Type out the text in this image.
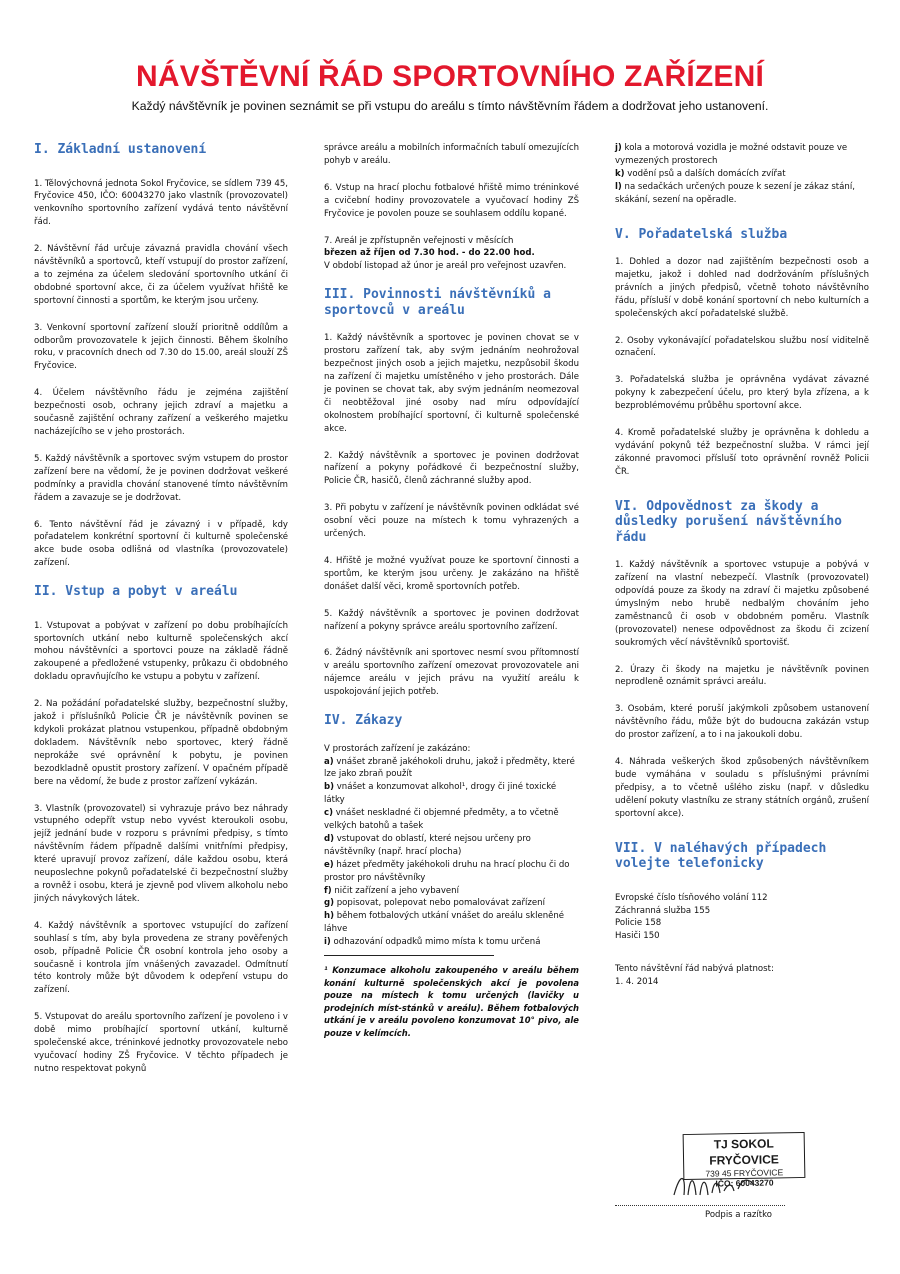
NÁVŠTĚVNÍ ŘÁD SPORTOVNÍHO ZAŘÍZENÍ
Každý návštěvník je povinen seznámit se při vstupu do areálu s tímto návštěvním řádem a dodržovat jeho ustanovení.
I. Základní ustanovení

1. Tělovýchovná jednota Sokol Fryčovice, se sídlem 739 45, Fryčovice 450, IČO: 60043270 jako vlastník (provozovatel) venkovního sportovního zařízení vydává tento návštěvní řád.

2. Návštěvní řád určuje závazná pravidla chování všech návštěvníků a sportovců, kteří vstupují do prostor zařízení, a to zejména za účelem sledování sportovního utkání či obdobné sportovní akce, či za účelem využívat hřiště ke sportovní činnosti a sportům, ke kterým jsou určeny.

3. Venkovní sportovní zařízení slouží prioritně oddílům a odborům provozovatele k jejich činnosti. Během školního roku, v pracovních dnech od 7.30 do 15.00, areál slouží ZŠ Fryčovice.

4. Účelem návštěvního řádu je zejména zajištění bezpečnosti osob, ochrany jejich zdraví a majetku a současně zajištění ochrany zařízení a veškerého majetku nacházejícího se v jeho prostorách.

5. Každý návštěvník a sportovec svým vstupem do prostor zařízení bere na vědomí, že je povinen dodržovat veškeré podmínky a pravidla chování stanovené tímto návštěvním řádem a zavazuje se je dodržovat.

6. Tento návštěvní řád je závazný i v případě, kdy pořadatelem konkrétní sportovní či kulturně společenské akce bude osoba odlišná od vlastníka (provozovatele) zařízení.

II. Vstup a pobyt v areálu

1. Vstupovat a pobývat v zařízení po dobu probíhajících sportovních utkání nebo kulturně společenských akcí mohou návštěvníci a sportovci pouze na základě řádně zakoupené a předložené vstupenky, průkazu či obdobného dokladu opravňujícího ke vstupu a pobytu v zařízení.

2. Na požádání pořadatelské služby, bezpečnostní služby, jakož i příslušníků Policie ČR je návštěvník povinen se kdykoli prokázat platnou vstupenkou, případně obdobným dokladem. Návštěvník nebo sportovec, který řádně neprokáže své oprávnění k pobytu, je povinen bezodkladně opustit prostory zařízení. V opačném případě bere na vědomí, že bude z prostor zařízení vykázán.

3. Vlastník (provozovatel) si vyhrazuje právo bez náhrady vstupného odepřít vstup nebo vyvést kteroukoli osobu, jejíž jednání bude v rozporu s právními předpisy, s tímto návštěvním řádem případně dalšími vnitřními předpisy, které upravují provoz zařízení, dále každou osobu, která neuposlechne pokynů pořadatelské či bezpečnostní služby a rovněž i osobu, která je zjevně pod vlivem alkoholu nebo jiných návykových látek.

4. Každý návštěvník a sportovec vstupující do zařízení souhlasí s tím, aby byla provedena ze strany pověřených osob, případně Policie ČR osobní kontrola jeho osoby a současně i kontrola jím vnášených zavazadel. Odmítnutí této kontroly může být důvodem k odepření vstupu do zařízení.

5. Vstupovat do areálu sportovního zařízení je povoleno i v době mimo probíhající sportovní utkání, kulturně společenské akce, tréninkové jednotky provozovatele nebo vyučovací hodiny ZŠ Fryčovice. V těchto případech je nutno respektovat pokynů

správce areálu a mobilních informačních tabulí omezujících pohyb v areálu.

6. Vstup na hrací plochu fotbalové hřiště mimo tréninkové a cvičební hodiny provozovatele a vyučovací hodiny ZŠ Fryčovice je povolen pouze se souhlasem oddílu kopané.

7. Areál je zpřístupněn veřejnosti v měsících

březen až říjen od 7.30 hod. - do 22.00 hod.

V období listopad až únor je areál pro veřejnost uzavřen.

III. Povinnosti návštěvníků a sportovců v areálu

1. Každý návštěvník a sportovec je povinen chovat se v prostoru zařízení tak, aby svým jednáním neohrožoval bezpečnost jiných osob a jejich majetku, nezpůsobil škodu na zařízení či majetku umístěného v jeho prostorách. Dále je povinen se chovat tak, aby svým jednáním neomezoval či neobtěžoval jiné osoby nad míru odpovídající okolnostem probíhající sportovní, či kulturně společenské akce.

2. Každý návštěvník a sportovec je povinen dodržovat nařízení a pokyny pořádkové či bezpečnostní služby, Policie ČR, hasičů, členů záchranné služby apod.

3. Při pobytu v zařízení je návštěvník povinen odkládat své osobní věci pouze na místech k tomu vyhrazených a určených.

4. Hřiště je možné využívat pouze ke sportovní činnosti a sportům, ke kterým jsou určeny. Je zakázáno na hřiště donášet další věci, kromě sportovních potřeb.

5. Každý návštěvník a sportovec je povinen dodržovat nařízení a pokyny správce areálu sportovního zařízení.

6. Žádný návštěvník ani sportovec nesmí svou přítomností v areálu sportovního zařízení omezovat provozovatele ani nájemce areálu v jejich právu na využití areálu k uspokojování jejich potřeb.

IV. Zákazy

V prostorách zařízení je zakázáno:

a) vnášet zbraně jakéhokoli druhu, jakož i předměty, které lze jako zbraň použít

b) vnášet a konzumovat alkohol¹, drogy či jiné toxické látky

c) vnášet neskladné či objemné předměty, a to včetně velkých batohů a tašek

d) vstupovat do oblastí, které nejsou určeny pro návštěvníky (např. hrací plocha)

e) házet předměty jakéhokoli druhu na hrací plochu či do prostor pro návštěvníky

f) ničit zařízení a jeho vybavení

g) popisovat, polepovat nebo pomalovávat zařízení

h) během fotbalových utkání vnášet do areálu skleněné láhve

i) odhazování odpadků mimo místa k tomu určená

¹ Konzumace alkoholu zakoupeného v areálu během konání kulturně společenských akcí je povolena pouze na místech k tomu určených (lavičky u prodejních míst-stánků v areálu). Během fotbalových utkání je v areálu povoleno konzumovat 10° pivo, ale pouze v kelímcích.

j) kola a motorová vozidla je možné odstavit pouze ve vymezených prostorech

k) vodění psů a dalších domácích zvířat

l) na sedačkách určených pouze k sezení je zákaz stání, skákání, sezení na opěradle.

V. Pořadatelská služba

1. Dohled a dozor nad zajištěním bezpečnosti osob a majetku, jakož i dohled nad dodržováním příslušných právních a jiných předpisů, včetně tohoto návštěvního řádu, přísluší v době konání sportovní ch nebo kulturních a společenských akcí pořadatelské službě.

2. Osoby vykonávající pořadatelskou službu nosí viditelně označení.

3. Pořadatelská služba je oprávněna vydávat závazné pokyny k zabezpečení účelu, pro který byla zřízena, a k bezproblémovému průběhu sportovní akce.

4. Kromě pořadatelské služby je oprávněna k dohledu a vydávání pokynů též bezpečnostní služba. V rámci její zákonné pravomoci přísluší toto oprávnění rovněž Policii ČR.

VI. Odpovědnost za škody a důsledky porušení návštěvního řádu

1. Každý návštěvník a sportovec vstupuje a pobývá v zařízení na vlastní nebezpečí. Vlastník (provozovatel) odpovídá pouze za škody na zdraví či majetku způsobené úmyslným nebo hrubě nedbalým chováním jeho zaměstnanců či osob v obdobném poměru. Vlastník (provozovatel) nenese odpovědnost za škodu či zcizení soukromých věcí návštěvníků sportovišť.

2. Úrazy či škody na majetku je návštěvník povinen neprodleně oznámit správci areálu.

3. Osobám, které poruší jakýmkoli způsobem ustanovení návštěvního řádu, může být do budoucna zakázán vstup do prostor zařízení, a to i na jakoukoli dobu.

4. Náhrada veškerých škod způsobených návštěvníkem bude vymáhána v souladu s příslušnými právními předpisy, a to včetně ušlého zisku (např. v důsledku udělení pokuty vlastníku ze strany státních orgánů, zrušení sportovní akce).

VII. V naléhavých případech volejte telefonicky

Evropské číslo tísňového volání 112

Záchranná služba 155

Policie 158

Hasiči 150

Tento návštěvní řád nabývá platnost:

1. 4. 2014

TJ SOKOL FRYČOVICE
739 45 FRYČOVICE
IČO: 60043270
Podpis a razítko
